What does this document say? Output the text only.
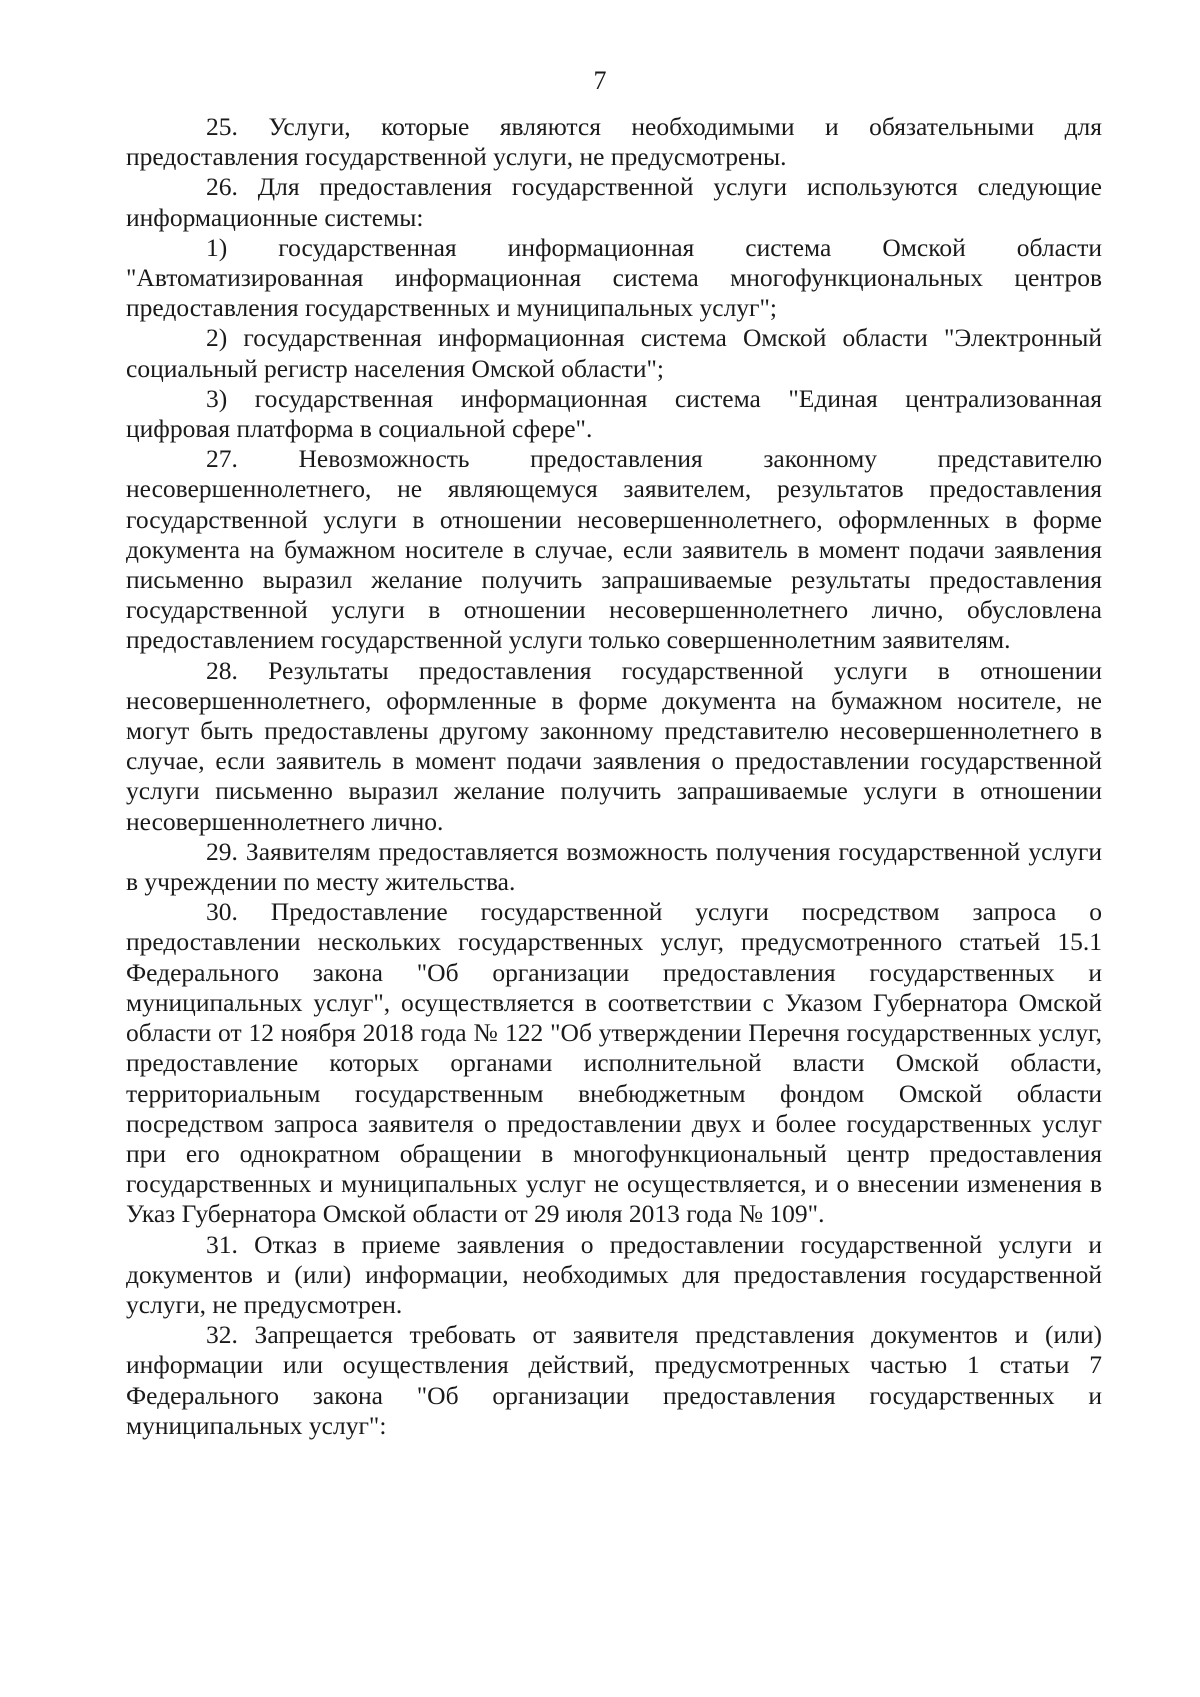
7

25. Услуги, которые являются необходимыми и обязательными для предоставления государственной услуги, не предусмотрены.

26. Для предоставления государственной услуги используются следующие информационные системы:

1) государственная информационная система Омской области "Автоматизированная информационная система многофункциональных центров предоставления государственных и муниципальных услуг";

2) государственная информационная система Омской области "Электронный социальный регистр населения Омской области";

3) государственная информационная система "Единая централизованная цифровая платформа в социальной сфере".

27. Невозможность предоставления законному представителю несовершеннолетнего, не являющемуся заявителем, результатов предоставления государственной услуги в отношении несовершеннолетнего, оформленных в форме документа на бумажном носителе в случае, если заявитель в момент подачи заявления письменно выразил желание получить запрашиваемые результаты предоставления государственной услуги в отношении несовершеннолетнего лично, обусловлена предоставлением государственной услуги только совершеннолетним заявителям.

28. Результаты предоставления государственной услуги в отношении несовершеннолетнего, оформленные в форме документа на бумажном носителе, не могут быть предоставлены другому законному представителю несовершеннолетнего в случае, если заявитель в момент подачи заявления о предоставлении государственной услуги письменно выразил желание получить запрашиваемые услуги в отношении несовершеннолетнего лично.

29. Заявителям предоставляется возможность получения государственной услуги в учреждении по месту жительства.

30. Предоставление государственной услуги посредством запроса о предоставлении нескольких государственных услуг, предусмотренного статьей 15.1 Федерального закона "Об организации предоставления государственных и муниципальных услуг", осуществляется в соответствии с Указом Губернатора Омской области от 12 ноября 2018 года № 122 "Об утверждении Перечня государственных услуг, предоставление которых органами исполнительной власти Омской области, территориальным государственным внебюджетным фондом Омской области посредством запроса заявителя о предоставлении двух и более государственных услуг при его однократном обращении в многофункциональный центр предоставления государственных и муниципальных услуг не осуществляется, и о внесении изменения в Указ Губернатора Омской области от 29 июля 2013 года № 109".

31. Отказ в приеме заявления о предоставлении государственной услуги и документов и (или) информации, необходимых для предоставления государственной услуги, не предусмотрен.

32. Запрещается требовать от заявителя представления документов и (или) информации или осуществления действий, предусмотренных частью 1 статьи 7 Федерального закона "Об организации предоставления государственных и муниципальных услуг":
